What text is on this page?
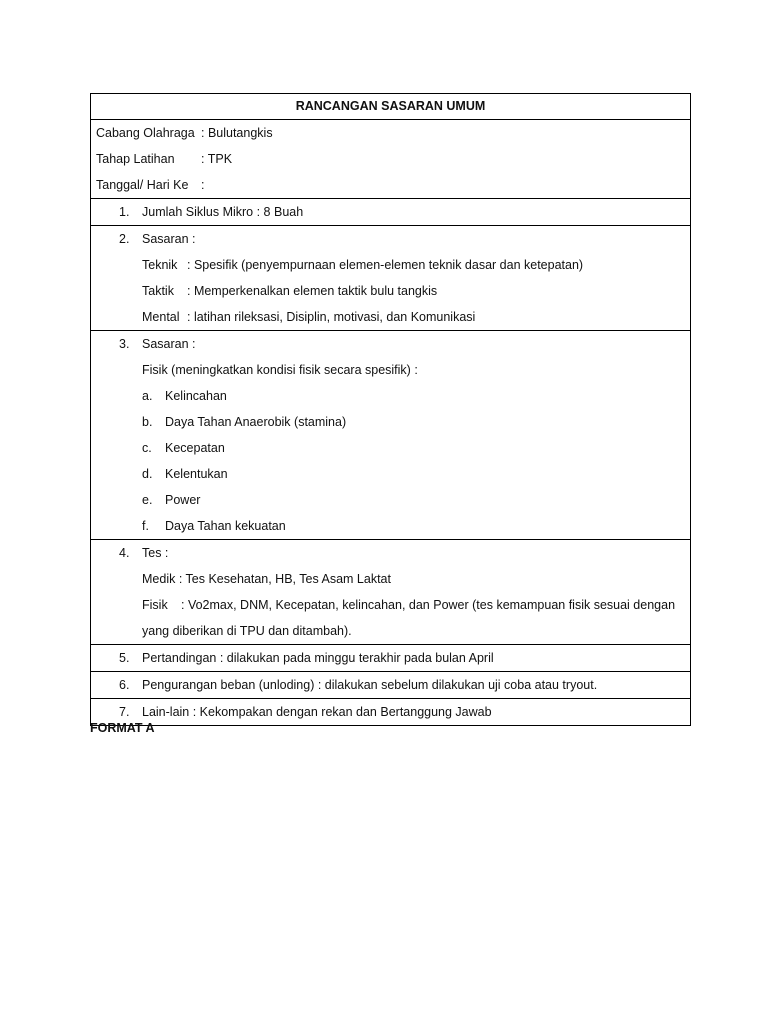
RANCANGAN SASARAN UMUM
Cabang Olahraga : Bulutangkis
Tahap Latihan : TPK
Tanggal/ Hari Ke :
1.	Jumlah Siklus Mikro : 8 Buah
2.	Sasaran :
Teknik : Spesifik (penyempurnaan elemen-elemen teknik dasar dan ketepatan)
Taktik : Memperkenalkan elemen taktik bulu tangkis
Mental : latihan rileksasi, Disiplin, motivasi, dan Komunikasi
3.	Sasaran :
Fisik (meningkatkan kondisi fisik secara spesifik) :
a.	Kelincahan
b.	Daya Tahan Anaerobik (stamina)
c.	Kecepatan
d.	Kelentukan
e.	Power
f.	Daya Tahan kekuatan
4.	Tes :
Medik : Tes Kesehatan, HB, Tes Asam Laktat
Fisik : Vo2max, DNM, Kecepatan, kelincahan, dan Power (tes kemampuan fisik sesuai dengan
yang diberikan di TPU dan ditambah).
5.	Pertandingan : dilakukan pada minggu terakhir pada bulan April
6.	Pengurangan beban (unloding) : dilakukan sebelum dilakukan uji coba atau tryout.
7.	Lain-lain : Kekompakan dengan rekan dan Bertanggung Jawab
FORMAT A
